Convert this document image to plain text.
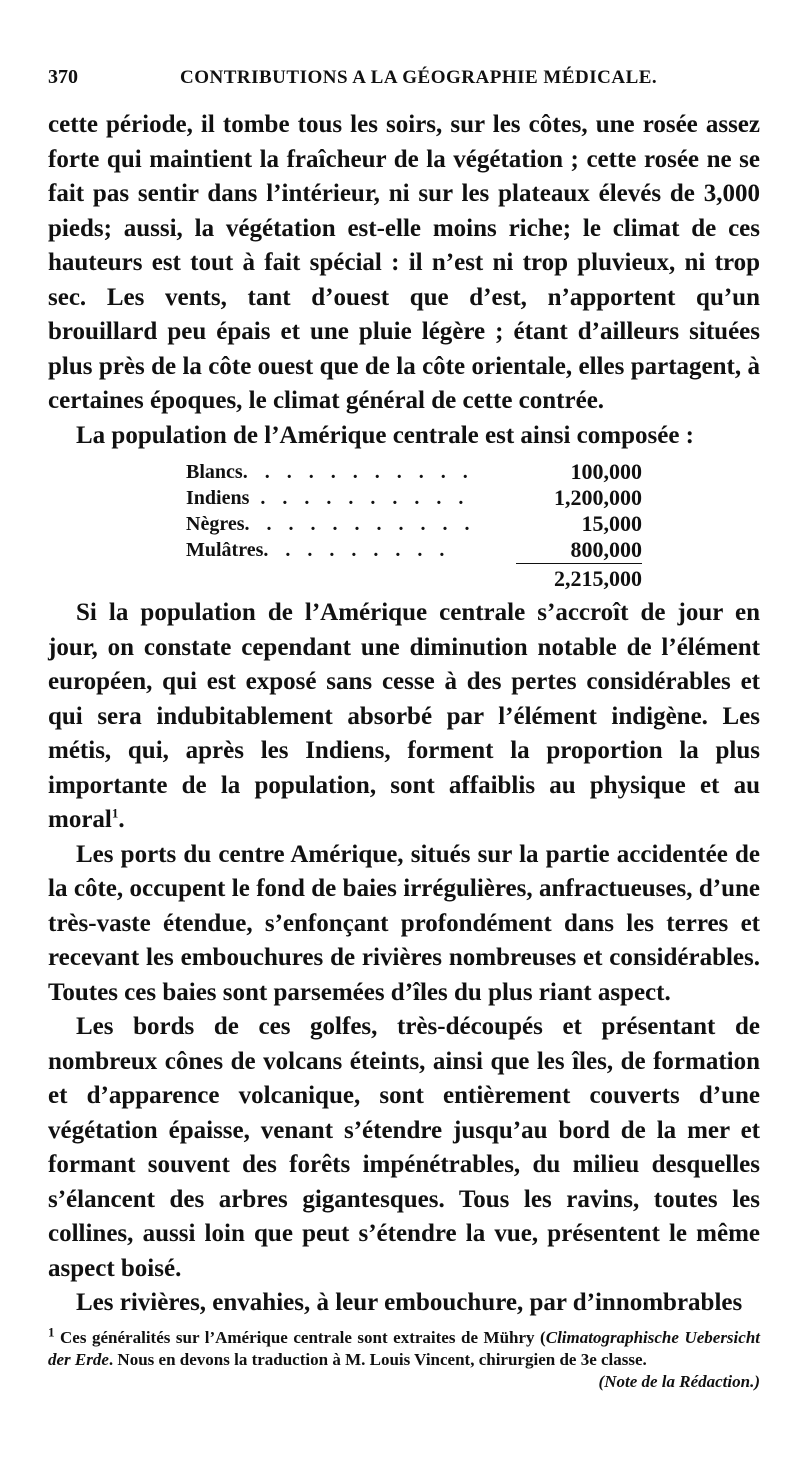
370	CONTRIBUTIONS A LA GÉOGRAPHIE MÉDICALE.

cette période, il tombe tous les soirs, sur les côtes, une rosée assez forte qui maintient la fraîcheur de la végétation ; cette rosée ne se fait pas sentir dans l’intérieur, ni sur les plateaux élevés de 3,000 pieds; aussi, la végétation est-elle moins riche; le climat de ces hauteurs est tout à fait spécial : il n’est ni trop pluvieux, ni trop sec. Les vents, tant d’ouest que d’est, n’apportent qu’un brouillard peu épais et une pluie légère ; étant d’ailleurs situées plus près de la côte ouest que de la côte orientale, elles partagent, à certaines époques, le climat général de cette contrée.

La population de l’Amérique centrale est ainsi composée :

Blancs. . . . . . . . . . .	100,000
Indiens . . . . . . . . . .	1,200,000
Nègres. . . . . . . . . . .	15,000
Mulâtres. . . . . . . . .	800,000
2,215,000

Si la population de l’Amérique centrale s’accroît de jour en jour, on constate cependant une diminution notable de l’élément européen, qui est exposé sans cesse à des pertes considérables et qui sera indubitablement absorbé par l’élément indigène. Les métis, qui, après les Indiens, forment la proportion la plus importante de la population, sont affaiblis au physique et au moral$^1$.

Les ports du centre Amérique, situés sur la partie accidentée de la côte, occupent le fond de baies irrégulières, anfractueuses, d’une très-vaste étendue, s’enfonçant profondément dans les terres et recevant les embouchures de rivières nombreuses et considérables. Toutes ces baies sont parsemées d’îles du plus riant aspect.

Les bords de ces golfes, très-découpés et présentant de nombreux cônes de volcans éteints, ainsi que les îles, de formation et d’apparence volcanique, sont entièrement couverts d’une végétation épaisse, venant s’étendre jusqu’au bord de la mer et formant souvent des forêts impénétrables, du milieu desquelles s’élancent des arbres gigantesques. Tous les ravins, toutes les collines, aussi loin que peut s’étendre la vue, présentent le même aspect boisé.

Les rivières, envahies, à leur embouchure, par d’innombrables

$^1$ Ces généralités sur l’Amérique centrale sont extraites de Mühry (Climatographische Uebersicht der Erde. Nous en devons la traduction à M. Louis Vincent, chirurgien de 3e classe.
(Note de la Rédaction.)
